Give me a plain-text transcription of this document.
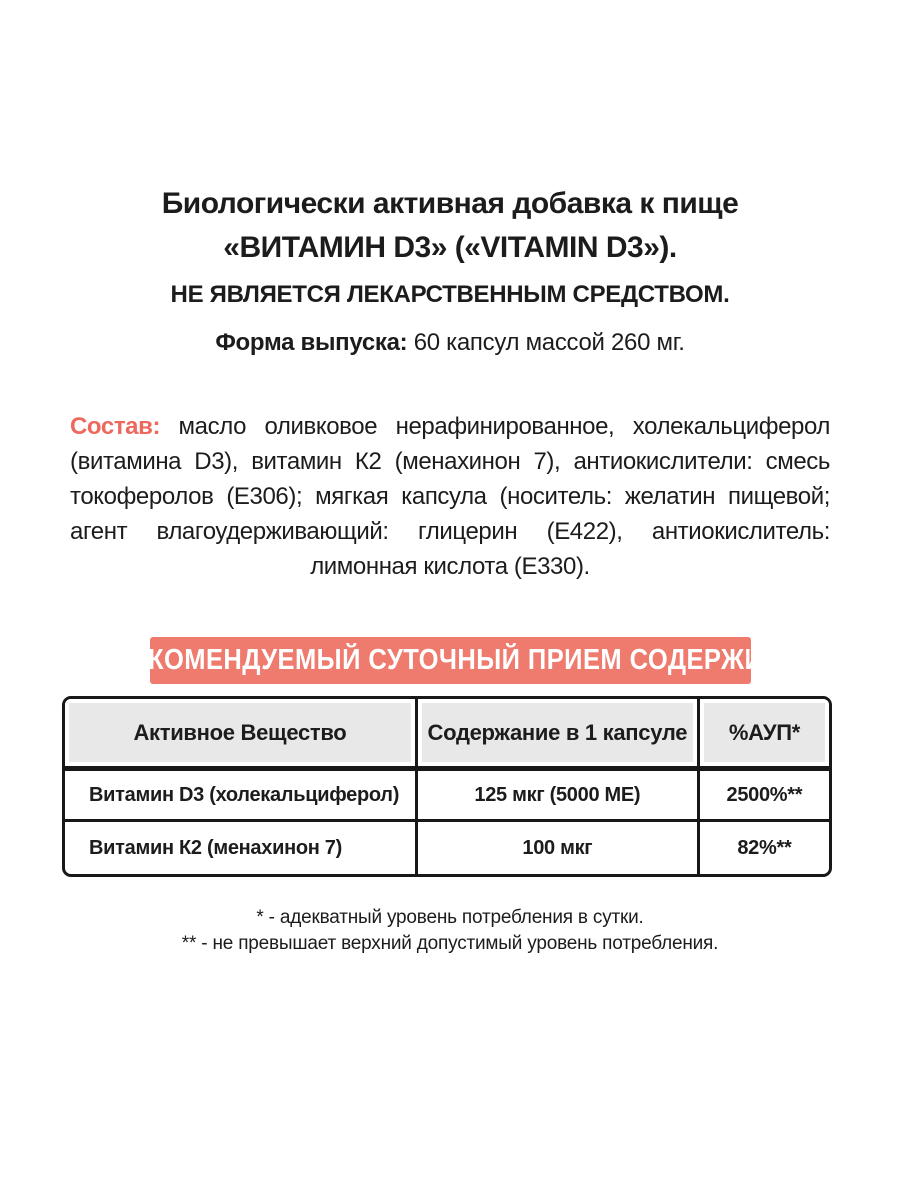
Биологически активная добавка к пище
«ВИТАМИН D3» («VITAMIN D3»).
НЕ ЯВЛЯЕТСЯ ЛЕКАРСТВЕННЫМ СРЕДСТВОМ.
Форма выпуска: 60 капсул массой 260 мг.

Состав: масло оливковое нерафинированное, холекальциферол (витамина D3), витамин К2 (менахинон 7), антиокислители: смесь токоферолов (Е306); мягкая капсула (носитель: желатин пищевой; агент влагоудерживающий: глицерин (Е422), антиокислитель: лимонная кислота (Е330).

РЕКОМЕНДУЕМЫЙ СУТОЧНЫЙ ПРИЕМ СОДЕРЖИТ:
Активное Вещество	Содержание в 1 капсуле	%АУП*
Витамин D3 (холекальциферол)	125 мкг (5000 МЕ)	2500%**
Витамин К2 (менахинон 7)	100 мкг	82%**
* - адекватный уровень потребления в сутки.
** - не превышает верхний допустимый уровень потребления.
